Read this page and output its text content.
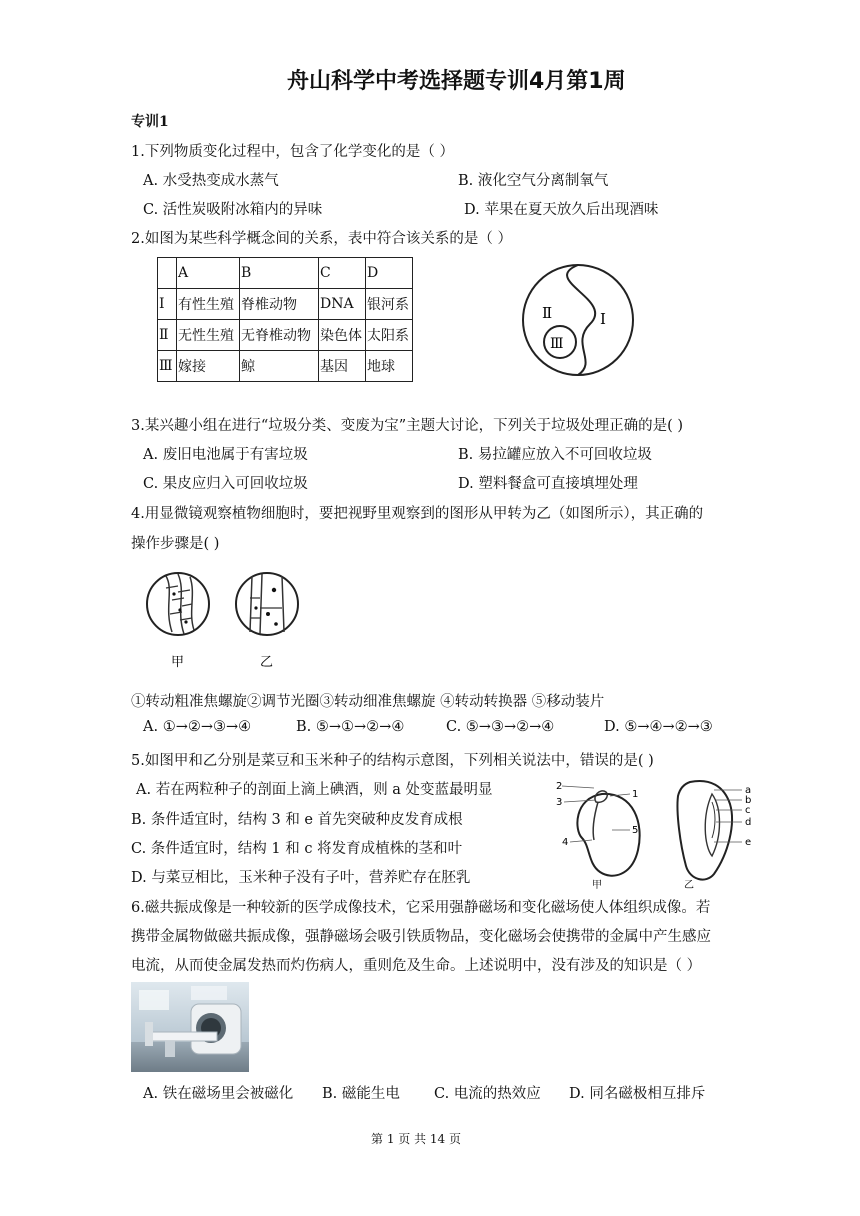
舟山科学中考选择题专训4月第1周
专训1
1.下列物质变化过程中，包含了化学变化的是（ ）
A. 水受热变成水蒸气	B. 液化空气分离制氧气
C. 活性炭吸附冰箱内的异味	D. 苹果在夏天放久后出现酒味
2.如图为某些科学概念间的关系，表中符合该关系的是（ ）
	A	B	C	D
Ⅰ	有性生殖	脊椎动物	DNA	银河系
Ⅱ	无性生殖	无脊椎动物	染色体	太阳系
Ⅲ	嫁接	鲸	基因	地球
Ⅱ	Ⅰ
Ⅲ
3.某兴趣小组在进行“垃圾分类、变废为宝”主题大讨论，下列关于垃圾处理正确的是( )
A. 废旧电池属于有害垃圾	B. 易拉罐应放入不可回收垃圾
C. 果皮应归入可回收垃圾	D. 塑料餐盒可直接填埋处理
4.用显微镜观察植物细胞时，要把视野里观察到的图形从甲转为乙（如图所示），其正确的
操作步骤是( )
甲	乙
①转动粗准焦螺旋②调节光圈③转动细准焦螺旋 ④转动转换器 ⑤移动装片
A. ①→②→③→④	B. ⑤→①→②→④	C. ⑤→③→②→④	D. ⑤→④→②→③
5.如图甲和乙分别是菜豆和玉米种子的结构示意图，下列相关说法中，错误的是( )
A. 若在两粒种子的剖面上滴上碘酒，则 a 处变蓝最明显
B. 条件适宜时，结构 3 和 e 首先突破种皮发育成根
C. 条件适宜时，结构 1 和 c 将发育成植株的茎和叶
D. 与菜豆相比，玉米种子没有子叶，营养贮存在胚乳
2
3
1
5
4
甲
a
b
c
d
e
乙
6.磁共振成像是一种较新的医学成像技术，它采用强静磁场和变化磁场使人体组织成像。若
携带金属物做磁共振成像，强静磁场会吸引铁质物品，变化磁场会使携带的金属中产生感应
电流，从而使金属发热而灼伤病人，重则危及生命。上述说明中，没有涉及的知识是（ ）
A. 铁在磁场里会被磁化 B. 磁能生电 C. 电流的热效应 D. 同名磁极相互排斥
第 1 页 共 14 页
